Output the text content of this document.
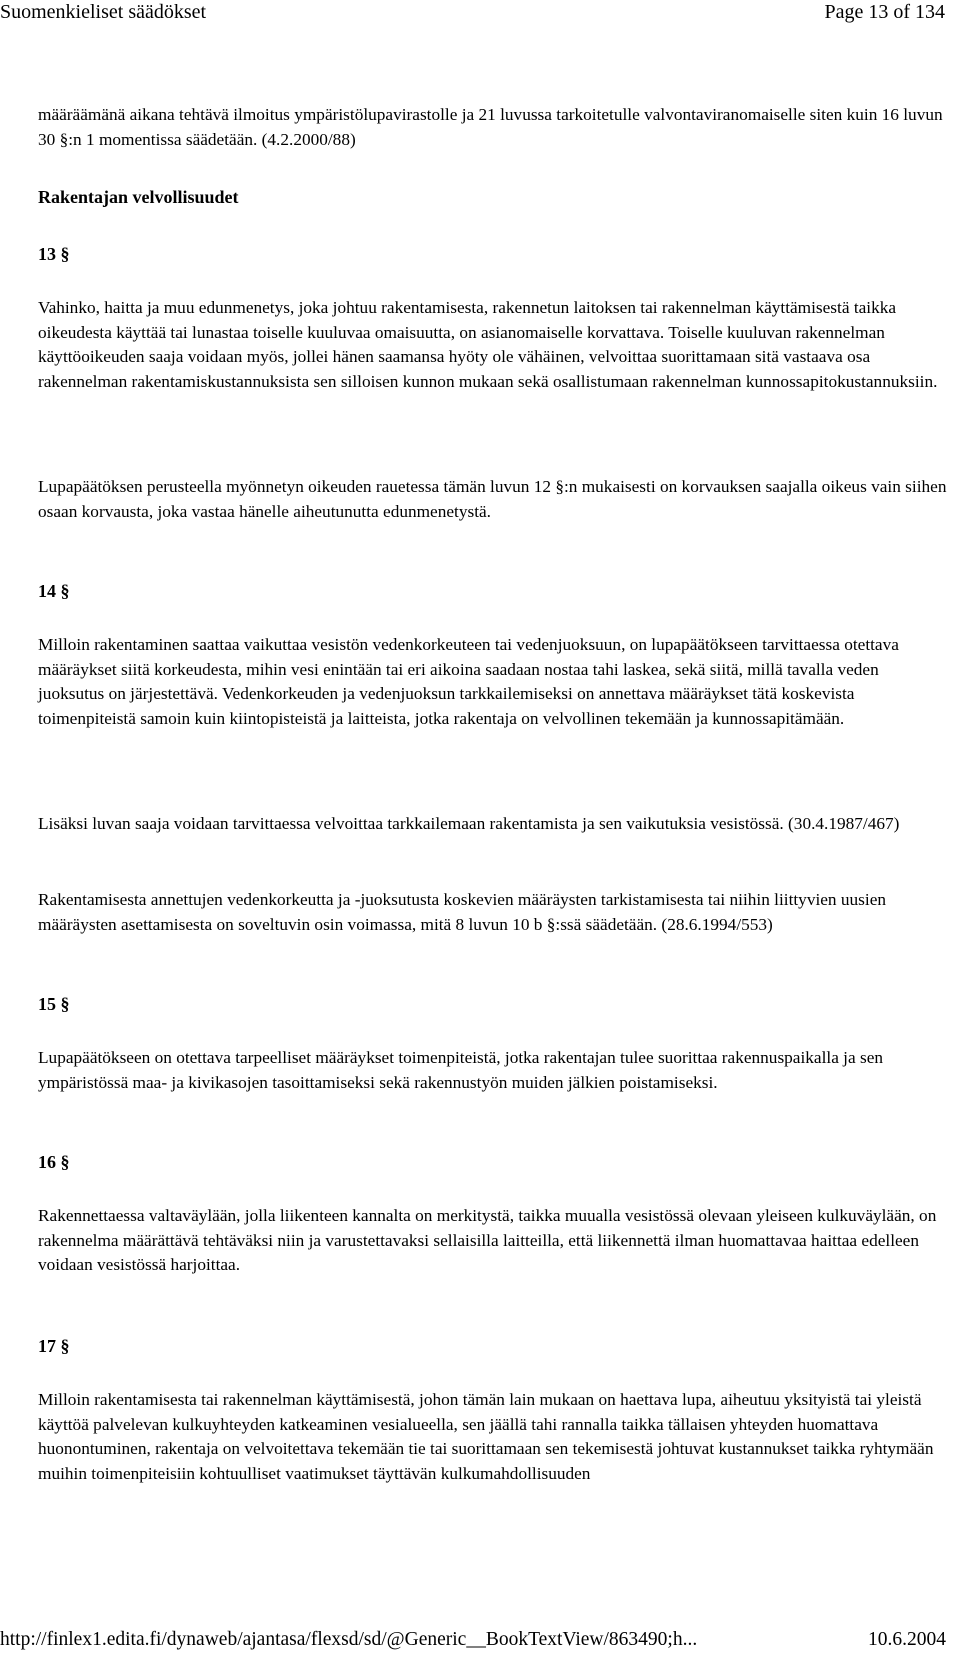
Suomenkieliset säädökset	Page 13 of 134
määräämänä aikana tehtävä ilmoitus ympäristölupavirastolle ja 21 luvussa tarkoitetulle valvontaviranomaiselle siten kuin 16 luvun 30 §:n 1 momentissa säädetään. (4.2.2000/88)
Rakentajan velvollisuudet
13 §
Vahinko, haitta ja muu edunmenetys, joka johtuu rakentamisesta, rakennetun laitoksen tai rakennelman käyttämisestä taikka oikeudesta käyttää tai lunastaa toiselle kuuluvaa omaisuutta, on asianomaiselle korvattava. Toiselle kuuluvan rakennelman käyttöoikeuden saaja voidaan myös, jollei hänen saamansa hyöty ole vähäinen, velvoittaa suorittamaan sitä vastaava osa rakennelman rakentamiskustannuksista sen silloisen kunnon mukaan sekä osallistumaan rakennelman kunnossapitokustannuksiin.
Lupapäätöksen perusteella myönnetyn oikeuden rauetessa tämän luvun 12 §:n mukaisesti on korvauksen saajalla oikeus vain siihen osaan korvausta, joka vastaa hänelle aiheutunutta edunmenetystä.
14 §
Milloin rakentaminen saattaa vaikuttaa vesistön vedenkorkeuteen tai vedenjuoksuun, on lupapäätökseen tarvittaessa otettava määräykset siitä korkeudesta, mihin vesi enintään tai eri aikoina saadaan nostaa tahi laskea, sekä siitä, millä tavalla veden juoksutus on järjestettävä. Vedenkorkeuden ja vedenjuoksun tarkkailemiseksi on annettava määräykset tätä koskevista toimenpiteistä samoin kuin kiintopisteistä ja laitteista, jotka rakentaja on velvollinen tekemään ja kunnossapitämään.
Lisäksi luvan saaja voidaan tarvittaessa velvoittaa tarkkailemaan rakentamista ja sen vaikutuksia vesistössä. (30.4.1987/467)
Rakentamisesta annettujen vedenkorkeutta ja -juoksutusta koskevien määräysten tarkistamisesta tai niihin liittyvien uusien määräysten asettamisesta on soveltuvin osin voimassa, mitä 8 luvun 10 b §:ssä säädetään. (28.6.1994/553)
15 §
Lupapäätökseen on otettava tarpeelliset määräykset toimenpiteistä, jotka rakentajan tulee suorittaa rakennuspaikalla ja sen ympäristössä maa- ja kivikasojen tasoittamiseksi sekä rakennustyön muiden jälkien poistamiseksi.
16 §
Rakennettaessa valtaväylään, jolla liikenteen kannalta on merkitystä, taikka muualla vesistössä olevaan yleiseen kulkuväylään, on rakennelma määrättävä tehtäväksi niin ja varustettavaksi sellaisilla laitteilla, että liikennettä ilman huomattavaa haittaa edelleen voidaan vesistössä harjoittaa.
17 §
Milloin rakentamisesta tai rakennelman käyttämisestä, johon tämän lain mukaan on haettava lupa, aiheutuu yksityistä tai yleistä käyttöä palvelevan kulkuyhteyden katkeaminen vesialueella, sen jäällä tahi rannalla taikka tällaisen yhteyden huomattava huonontuminen, rakentaja on velvoitettava tekemään tie tai suorittamaan sen tekemisestä johtuvat kustannukset taikka ryhtymään muihin toimenpiteisiin kohtuulliset vaatimukset täyttävän kulkumahdollisuuden
http://finlex1.edita.fi/dynaweb/ajantasa/flexsd/sd/@Generic__BookTextView/863490;h...	10.6.2004
